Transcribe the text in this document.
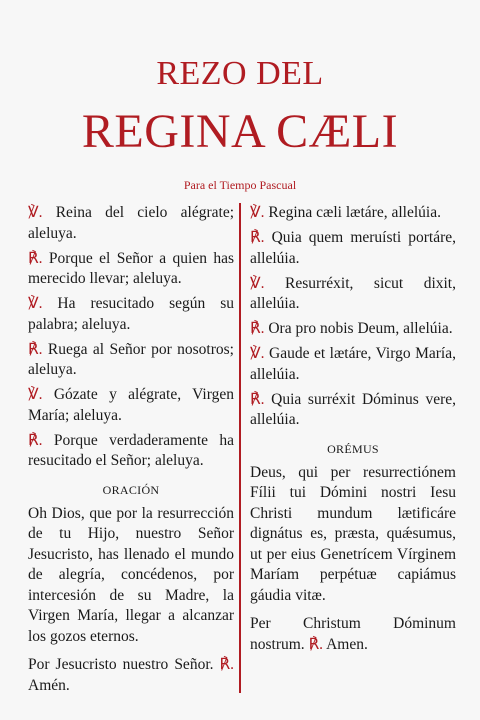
REZO DEL
REGINA CÆLI
Para el Tiempo Pascual

℣. Reina del cielo alégrate; aleluya.

℟. Porque el Señor a quien has merecido llevar; aleluya.

℣. Ha resucitado según su palabra; aleluya.

℟. Ruega al Señor por nosotros; aleluya.

℣. Gózate y alégrate, Virgen María; aleluya.

℟. Porque verdaderamente ha resucitado el Señor; aleluya.

ORACIÓN

Oh Dios, que por la resurrección de tu Hijo, nuestro Señor Jesucristo, has llenado el mundo de alegría, concédenos, por intercesión de su Madre, la Virgen María, llegar a alcanzar los gozos eternos.

Por Jesucristo nuestro Señor. ℟. Amén.

℣. Regina cæli lætáre, allelúia.

℟. Quia quem meruísti portáre, allelúia.

℣. Resurréxit, sicut dixit, allelúia.

℟. Ora pro nobis Deum, allelúia.

℣. Gaude et lætáre, Virgo María, allelúia.

℟. Quia surréxit Dóminus vere, allelúia.

ORÉMUS

Deus, qui per resurrectiónem Fílii tui Dómini nostri Iesu Christi mundum lætificáre dignátus es, præsta, quǽsumus, ut per eius Genetrícem Vírginem Maríam perpétuæ capiámus gáudia vitæ.

Per Christum Dóminum nostrum. ℟. Amen.
